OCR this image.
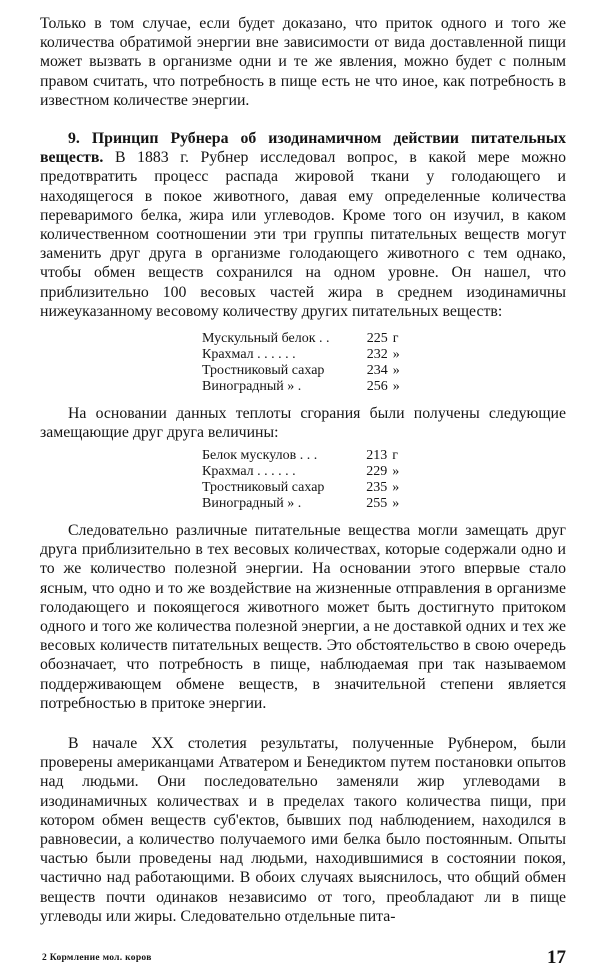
Только в том случае, если будет доказано, что приток одного и того же количества обратимой энергии вне зависимости от вида доставленной пищи может вызвать в организме одни и те же явления, можно будет с полным правом считать, что потребность в пище есть не что иное, как потребность в известном количестве энергии.

9. Принцип Рубнера об изодинамичном действии питательных веществ. В 1883 г. Рубнер исследовал вопрос, в какой мере можно предотвратить процесс распада жировой ткани у голодающего и находящегося в покое животного, давая ему определенные количества переваримого белка, жира или углеводов. Кроме того он изучил, в каком количественном соотношении эти три группы питательных веществ могут заменить друг друга в организме голодающего животного с тем однако, чтобы обмен веществ сохранился на одном уровне. Он нашел, что приблизительно 100 весовых частей жира в среднем изодинамичны нижеуказанному весовому количеству других питательных веществ:

Мускульный белок . .	225	г
Крахмал . . . . . .	232	»
Тростниковый сахар	234	»
Виноградный » .	256	»

На основании данных теплоты сгорания были получены следующие замещающие друг друга величины:

Белок мускулов . . .	213	г
Крахмал . . . . . .	229	»
Тростниковый сахар	235	»
Виноградный » .	255	»

Следовательно различные питательные вещества могли замещать друг друга приблизительно в тех весовых количествах, которые содержали одно и то же количество полезной энергии. На основании этого впервые стало ясным, что одно и то же воздействие на жизненные отправления в организме голодающего и покоящегося животного может быть достигнуто притоком одного и того же количества полезной энергии, а не доставкой одних и тех же весовых количеств питательных веществ. Это обстоятельство в свою очередь обозначает, что потребность в пище, наблюдаемая при так называемом поддерживающем обмене веществ, в значительной степени является потребностью в притоке энергии.

В начале XX столетия результаты, полученные Рубнером, были проверены американцами Атватером и Бенедиктом путем постановки опытов над людьми. Они последовательно заменяли жир углеводами в изодинамичных количествах и в пределах такого количества пищи, при котором обмен веществ суб'ектов, бывших под наблюдением, находился в равновесии, а количество получаемого ими белка было постоянным. Опыты частью были проведены над людьми, находившимися в состоянии покоя, частично над работающими. В обоих случаях выяснилось, что общий обмен веществ почти одинаков независимо от того, преобладают ли в пище углеводы или жиры. Следовательно отдельные пита-

2 Кормление мол. коров	17
